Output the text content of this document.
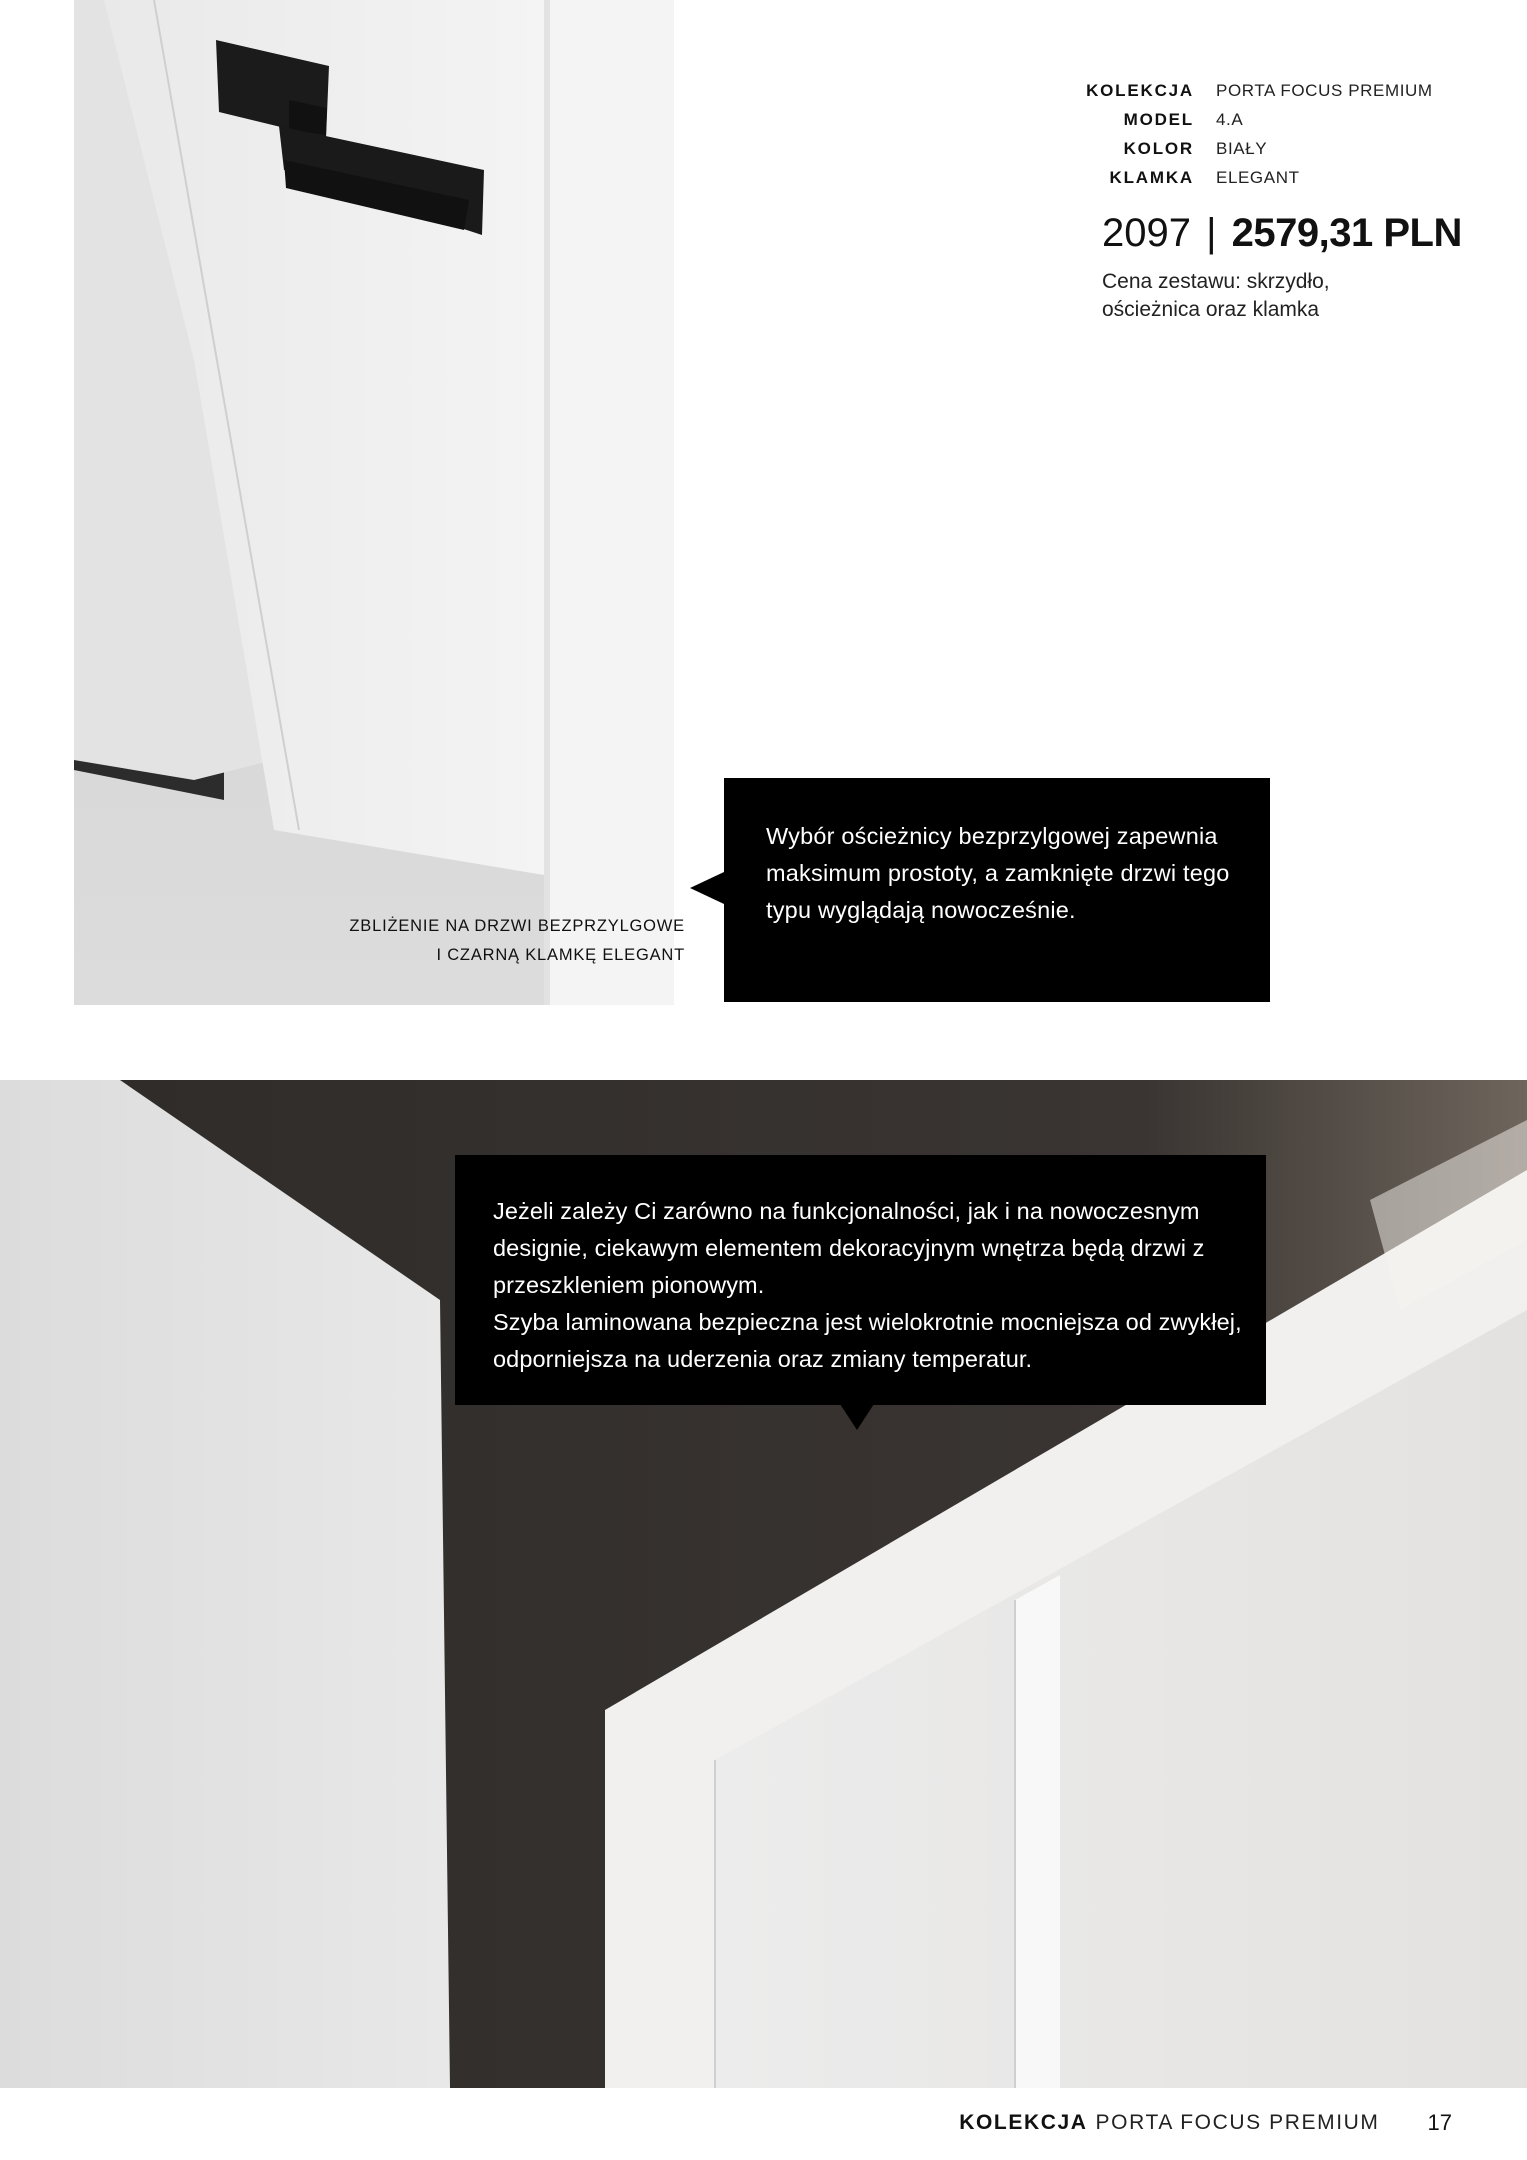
KOLEKCJA PORTA FOCUS PREMIUM
MODEL 4.A
KOLOR BIAŁY
KLAMKA ELEGANT
2097 | 2579,31 PLN
Cena zestawu: skrzydło, ościeżnica oraz klamka
ZBLIŻENIE NA DRZWI BEZPRZYLGOWE
I CZARNĄ KLAMKĘ ELEGANT
Wybór ościeżnicy bezprzylgowej zapewnia maksimum prostoty, a zamknięte drzwi tego typu wyglądają nowocześnie.
Jeżeli zależy Ci zarówno na funkcjonalności, jak i na nowoczesnym designie, ciekawym elementem dekoracyjnym wnętrza będą drzwi z przeszkleniem pionowym.
Szyba laminowana bezpieczna jest wielokrotnie mocniejsza od zwykłej, odporniejsza na uderzenia oraz zmiany temperatur.
KOLEKCJA PORTA FOCUS PREMIUM 17
